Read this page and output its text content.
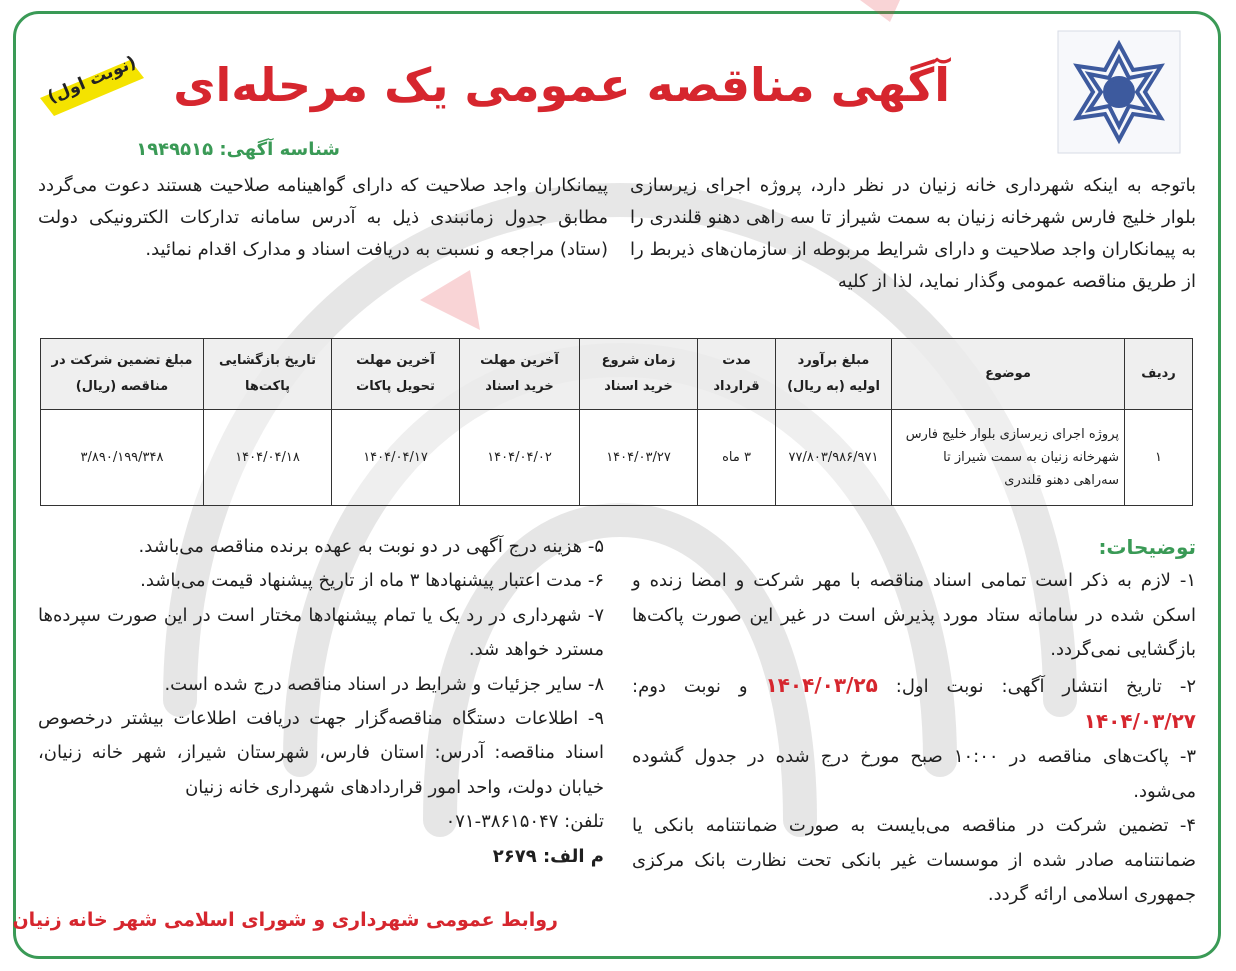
آگهی مناقصه عمومی یک مرحله‌ای
(نوبت اول)
شناسه آگهی: ۱۹۴۹۵۱۵
باتوجه به اینکه شهرداری خانه زنیان در نظر دارد، پروژه اجرای زیرسازی بلوار خلیج فارس شهرخانه زنیان به سمت شیراز تا سه راهی دهنو قلندری را به پیمانکاران واجد صلاحیت و دارای شرایط مربوطه از سازمان‌های ذیربط را از طریق مناقصه عمومی وگذار نماید، لذا از کلیه
پیمانکاران واجد صلاحیت که دارای گواهینامه صلاحیت هستند دعوت می‌گردد مطابق جدول زمانبندی ذیل به آدرس سامانه تدارکات الکترونیکی دولت (ستاد) مراجعه و نسبت به دریافت اسناد و مدارک اقدام نمائید.
ردیف	موضوع	مبلغ برآورد اولیه (به ریال)	مدت قرارداد	زمان شروع خرید اسناد	آخرین مهلت خرید اسناد	آخرین مهلت تحویل پاکات	تاریخ بازگشایی پاکت‌ها	مبلغ تضمین شرکت در مناقصه (ریال)
۱	پروژه اجرای زیرسازی بلوار خلیج فارس شهرخانه زنیان به سمت شیراز تا سه‌راهی دهنو قلندری	۷۷/۸۰۳/۹۸۶/۹۷۱	۳ ماه	۱۴۰۴/۰۳/۲۷	۱۴۰۴/۰۴/۰۲	۱۴۰۴/۰۴/۱۷	۱۴۰۴/۰۴/۱۸	۳/۸۹۰/۱۹۹/۳۴۸

توضیحات:

۱- لازم به ذکر است تمامی اسناد مناقصه با مهر شرکت و امضا زنده و اسکن شده در سامانه ستاد مورد پذیرش است در غیر این صورت پاکت‌ها بازگشایی نمی‌گردد.

۲- تاریخ انتشار آگهی: نوبت اول: ۱۴۰۴/۰۳/۲۵ و نوبت دوم: ۱۴۰۴/۰۳/۲۷

۳- پاکت‌های مناقصه در ۱۰:۰۰ صبح مورخ درج شده در جدول گشوده می‌شود.

۴- تضمین شرکت در مناقصه می‌بایست به صورت ضمانتنامه بانکی یا ضمانتنامه صادر شده از موسسات غیر بانکی تحت نظارت بانک مرکزی جمهوری اسلامی ارائه گردد.

۵- هزینه درج آگهی در دو نوبت به عهده برنده مناقصه می‌باشد.

۶- مدت اعتبار پیشنهادها ۳ ماه از تاریخ پیشنهاد قیمت می‌باشد.

۷- شهرداری در رد یک یا تمام پیشنهادها مختار است در این صورت سپرده‌ها مسترد خواهد شد.

۸- سایر جزئیات و شرایط در اسناد مناقصه درج شده است.

۹- اطلاعات دستگاه مناقصه‌گزار جهت دریافت اطلاعات بیشتر درخصوص اسناد مناقصه: آدرس: استان فارس، شهرستان شیراز، شهر خانه زنیان، خیابان دولت، واحد امور قراردادهای شهرداری خانه زنیان

تلفن: ۳۸۶۱۵۰۴۷-۰۷۱

م الف: ۲۶۷۹

روابط عمومی شهرداری و شورای اسلامی شهر خانه زنیان
